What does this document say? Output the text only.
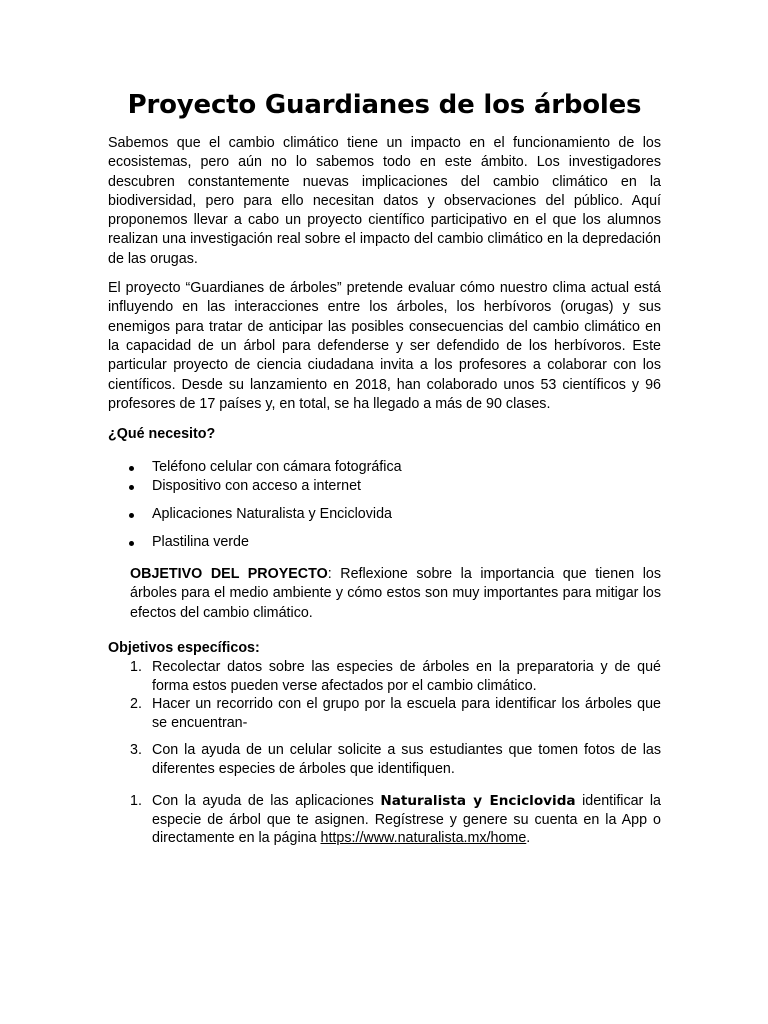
Proyecto Guardianes de los árboles

Sabemos que el cambio climático tiene un impacto en el funcionamiento de los ecosistemas, pero aún no lo sabemos todo en este ámbito. Los investigadores descubren constantemente nuevas implicaciones del cambio climático en la biodiversidad, pero para ello necesitan datos y observaciones del público. Aquí proponemos llevar a cabo un proyecto científico participativo en el que los alumnos realizan una investigación real sobre el impacto del cambio climático en la depredación de las orugas.

El proyecto “Guardianes de árboles” pretende evaluar cómo nuestro clima actual está influyendo en las interacciones entre los árboles, los herbívoros (orugas) y sus enemigos para tratar de anticipar las posibles consecuencias del cambio climático en la capacidad de un árbol para defenderse y ser defendido de los herbívoros. Este particular proyecto de ciencia ciudadana invita a los profesores a colaborar con los científicos. Desde su lanzamiento en 2018, han colaborado unos 53 científicos y 96 profesores de 17 países y, en total, se ha llegado a más de 90 clases.

¿Qué necesito?
Teléfono celular con cámara fotográfica
Dispositivo con acceso a internet
Aplicaciones Naturalista y Enciclovida
Plastilina verde

OBJETIVO DEL PROYECTO: Reflexione sobre la importancia que tienen los árboles para el medio ambiente y cómo estos son muy importantes para mitigar los efectos del cambio climático.

Objetivos específicos:
1. Recolectar datos sobre las especies de árboles en la preparatoria y de qué forma estos pueden verse afectados por el cambio climático.
2. Hacer un recorrido con el grupo por la escuela para identificar los árboles que se encuentran-
3. Con la ayuda de un celular solicite a sus estudiantes que tomen fotos de las diferentes especies de árboles que identifiquen.
1. Con la ayuda de las aplicaciones Naturalista y Enciclovida identificar la especie de árbol que te asignen. Regístrese y genere su cuenta en la App o directamente en la página https://www.naturalista.mx/home.
